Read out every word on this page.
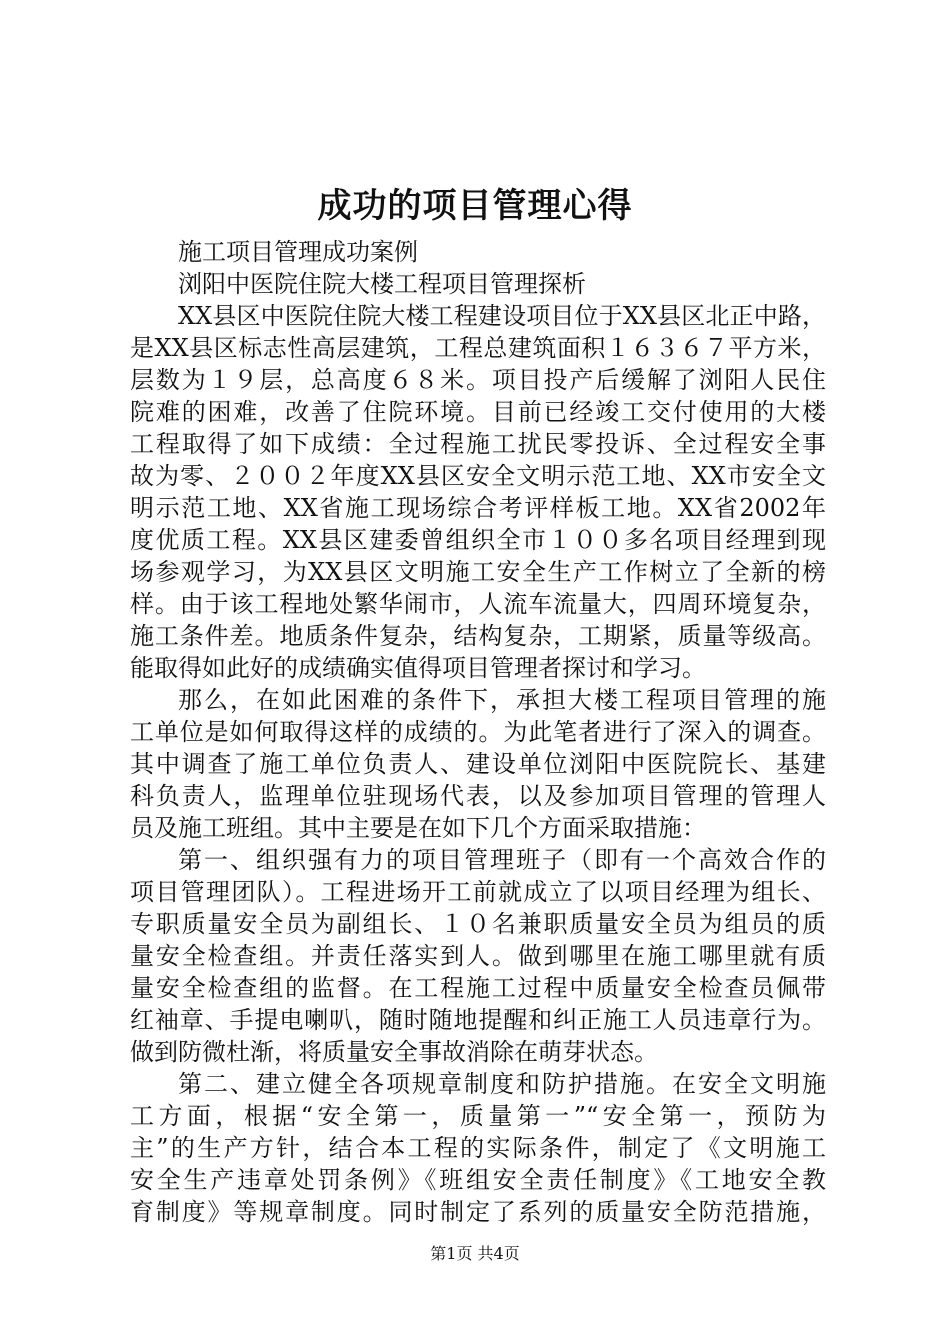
成功的项目管理心得
施工项目管理成功案例
浏阳中医院住院大楼工程项目管理探析
XX县区中医院住院大楼工程建设项目位于XX县区北正中路，
是XX县区标志性高层建筑，工程总建筑面积１６３６７平方米，
层数为１９层，总高度６８米。项目投产后缓解了浏阳人民住
院难的困难，改善了住院环境。目前已经竣工交付使用的大楼
工程取得了如下成绩：全过程施工扰民零投诉、全过程安全事
故为零、２００２年度XX县区安全文明示范工地、XX市安全文
明示范工地、XX省施工现场综合考评样板工地。XX省2002年
度优质工程。XX县区建委曾组织全市１００多名项目经理到现
场参观学习，为XX县区文明施工安全生产工作树立了全新的榜
样。由于该工程地处繁华闹市，人流车流量大，四周环境复杂，
施工条件差。地质条件复杂，结构复杂，工期紧，质量等级高。
能取得如此好的成绩确实值得项目管理者探讨和学习。
那么，在如此困难的条件下，承担大楼工程项目管理的施
工单位是如何取得这样的成绩的。为此笔者进行了深入的调查。
其中调查了施工单位负责人、建设单位浏阳中医院院长、基建
科负责人，监理单位驻现场代表，以及参加项目管理的管理人
员及施工班组。其中主要是在如下几个方面采取措施：
第一、组织强有力的项目管理班子（即有一个高效合作的
项目管理团队）。工程进场开工前就成立了以项目经理为组长、
专职质量安全员为副组长、１０名兼职质量安全员为组员的质
量安全检查组。并责任落实到人。做到哪里在施工哪里就有质
量安全检查组的监督。在工程施工过程中质量安全检查员佩带
红袖章、手提电喇叭，随时随地提醒和纠正施工人员违章行为。
做到防微杜渐，将质量安全事故消除在萌芽状态。
第二、建立健全各项规章制度和防护措施。在安全文明施
工方面，根据“安全第一，质量第一”“安全第一，预防为
主”的生产方针，结合本工程的实际条件，制定了《文明施工
安全生产违章处罚条例》《班组安全责任制度》《工地安全教
育制度》等规章制度。同时制定了系列的质量安全防范措施，
第1页 共4页
